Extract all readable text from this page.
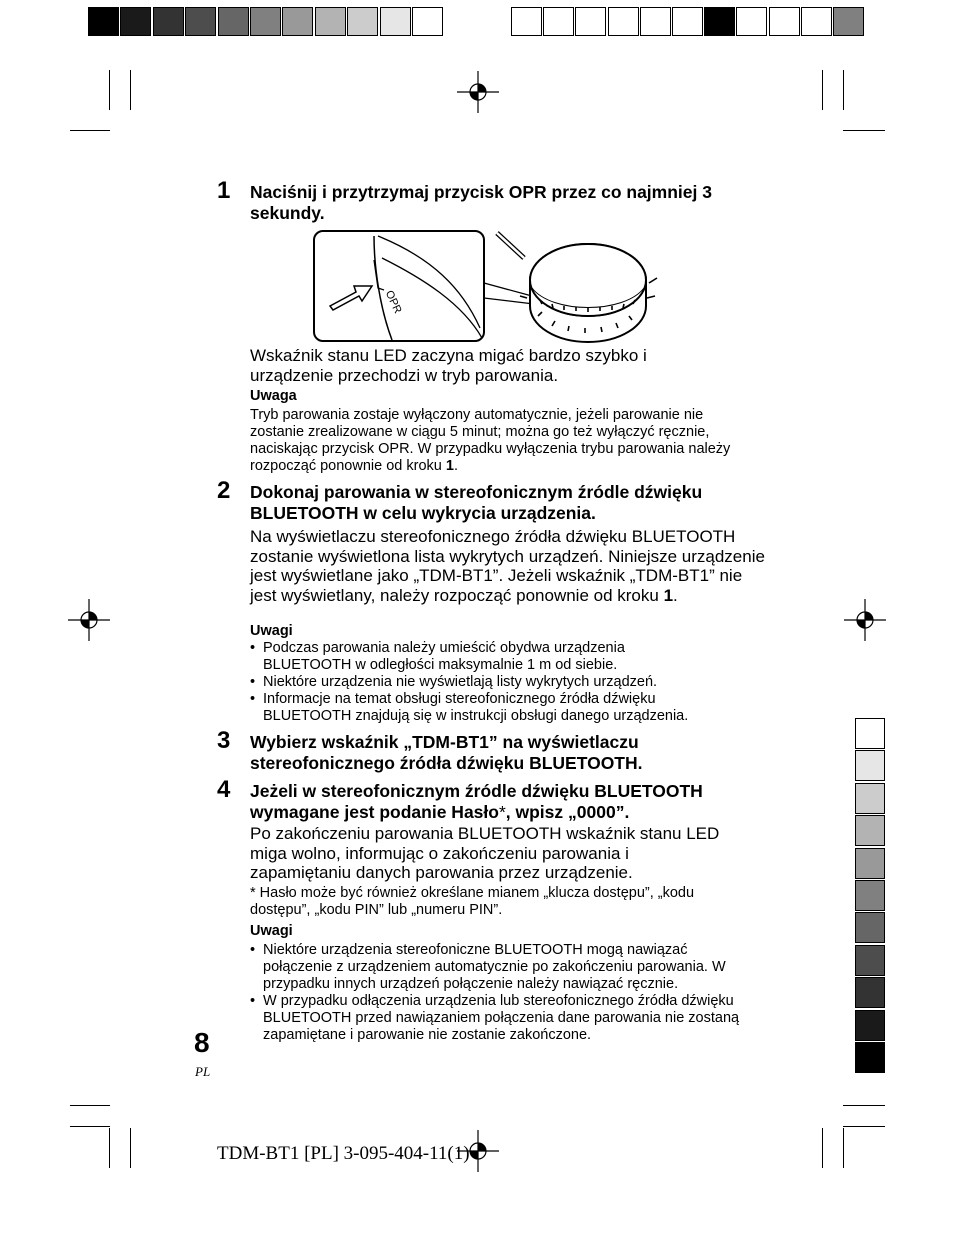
1 Naciśnij i przytrzymaj przycisk OPR przez co najmniej 3 sekundy.
OPR
Wskaźnik stanu LED zaczyna migać bardzo szybko i urządzenie przechodzi w tryb parowania.
Uwaga
Tryb parowania zostaje wyłączony automatycznie, jeżeli parowanie nie zostanie zrealizowane w ciągu 5 minut; można go też wyłączyć ręcznie, naciskając przycisk OPR. W przypadku wyłączenia trybu parowania należy rozpocząć ponownie od kroku 1.
2 Dokonaj parowania w stereofonicznym źródle dźwięku BLUETOOTH w celu wykrycia urządzenia.
Na wyświetlaczu stereofonicznego źródła dźwięku BLUETOOTH zostanie wyświetlona lista wykrytych urządzeń. Niniejsze urządzenie jest wyświetlane jako „TDM-BT1”. Jeżeli wskaźnik „TDM-BT1” nie jest wyświetlany, należy rozpocząć ponownie od kroku 1.
Uwagi
• Podczas parowania należy umieścić obydwa urządzenia BLUETOOTH w odległości maksymalnie 1 m od siebie.
• Niektóre urządzenia nie wyświetlają listy wykrytych urządzeń.
• Informacje na temat obsługi stereofonicznego źródła dźwięku BLUETOOTH znajdują się w instrukcji obsługi danego urządzenia.
3 Wybierz wskaźnik „TDM-BT1” na wyświetlaczu stereofonicznego źródła dźwięku BLUETOOTH.
4 Jeżeli w stereofonicznym źródle dźwięku BLUETOOTH wymagane jest podanie Hasło*, wpisz „0000”.
Po zakończeniu parowania BLUETOOTH wskaźnik stanu LED miga wolno, informując o zakończeniu parowania i zapamiętaniu danych parowania przez urządzenie.
* Hasło może być również określane mianem „klucza dostępu”, „kodu dostępu”, „kodu PIN” lub „numeru PIN”.
Uwagi
• Niektóre urządzenia stereofoniczne BLUETOOTH mogą nawiązać połączenie z urządzeniem automatycznie po zakończeniu parowania. W przypadku innych urządzeń połączenie należy nawiązać ręcznie.
• W przypadku odłączenia urządzenia lub stereofonicznego źródła dźwięku BLUETOOTH przed nawiązaniem połączenia dane parowania nie zostaną zapamiętane i parowanie nie zostanie zakończone.
8
PL
TDM-BT1 [PL] 3-095-404-11(1)
